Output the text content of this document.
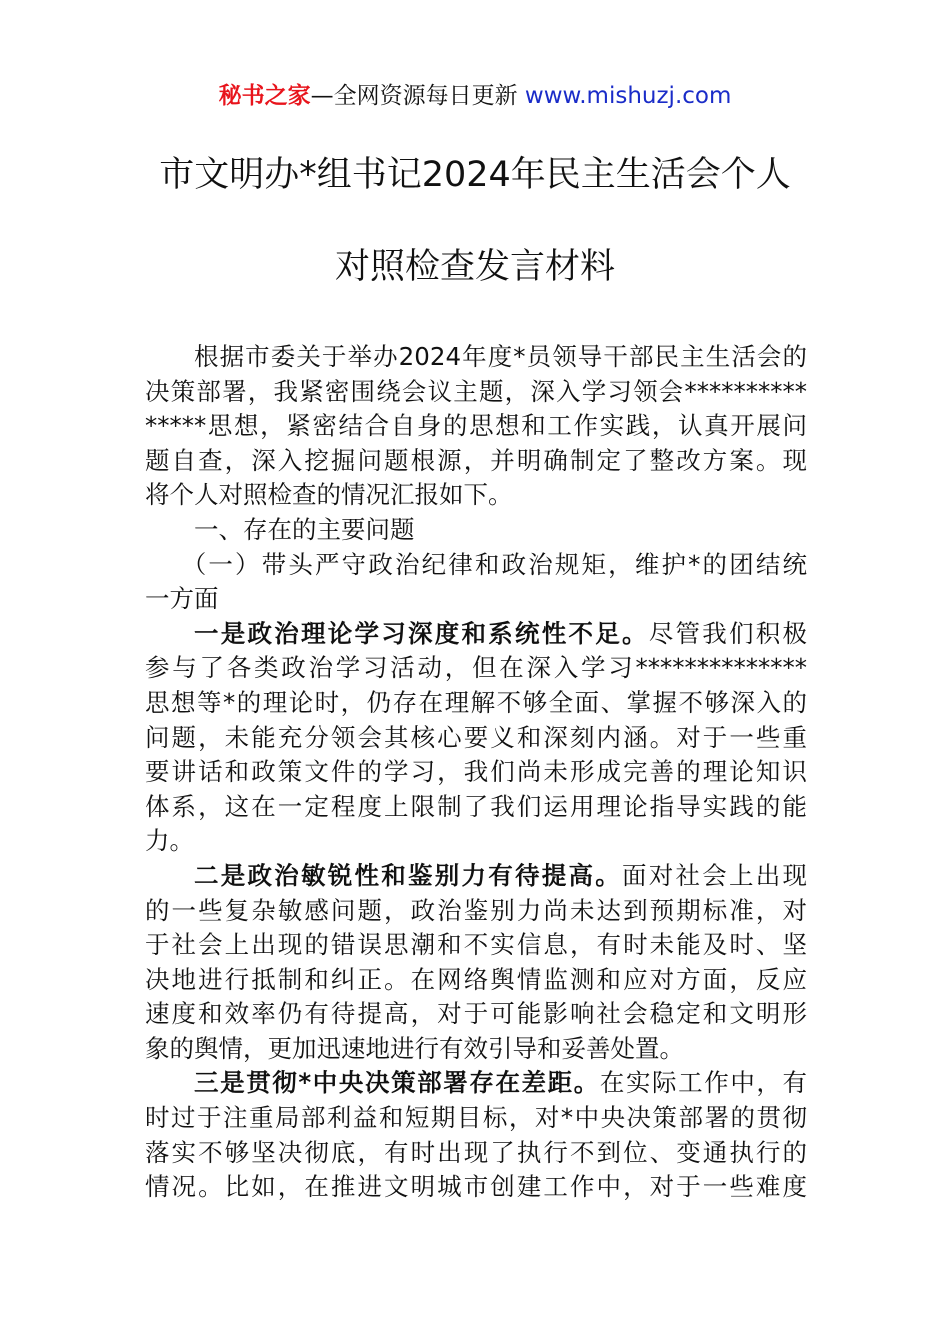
秘书之家—全网资源每日更新 www.mishuzj.com
市文明办*组书记2024年民主生活会个人
对照检查发言材料
根据市委关于举办2024年度*员领导干部民主生活会的
决策部署，我紧密围绕会议主题，深入学习领会**********
*****思想，紧密结合自身的思想和工作实践，认真开展问
题自查，深入挖掘问题根源，并明确制定了整改方案。现
将个人对照检查的情况汇报如下。
一、存在的主要问题
（一）带头严守政治纪律和政治规矩，维护*的团结统
一方面
一是政治理论学习深度和系统性不足。尽管我们积极
参与了各类政治学习活动，但在深入学习**************
思想等*的理论时，仍存在理解不够全面、掌握不够深入的
问题，未能充分领会其核心要义和深刻内涵。对于一些重
要讲话和政策文件的学习，我们尚未形成完善的理论知识
体系，这在一定程度上限制了我们运用理论指导实践的能
力。
二是政治敏锐性和鉴别力有待提高。面对社会上出现
的一些复杂敏感问题，政治鉴别力尚未达到预期标准，对
于社会上出现的错误思潮和不实信息，有时未能及时、坚
决地进行抵制和纠正。在网络舆情监测和应对方面，反应
速度和效率仍有待提高，对于可能影响社会稳定和文明形
象的舆情，更加迅速地进行有效引导和妥善处置。
三是贯彻*中央决策部署存在差距。在实际工作中，有
时过于注重局部利益和短期目标，对*中央决策部署的贯彻
落实不够坚决彻底，有时出现了执行不到位、变通执行的
情况。比如，在推进文明城市创建工作中，对于一些难度
